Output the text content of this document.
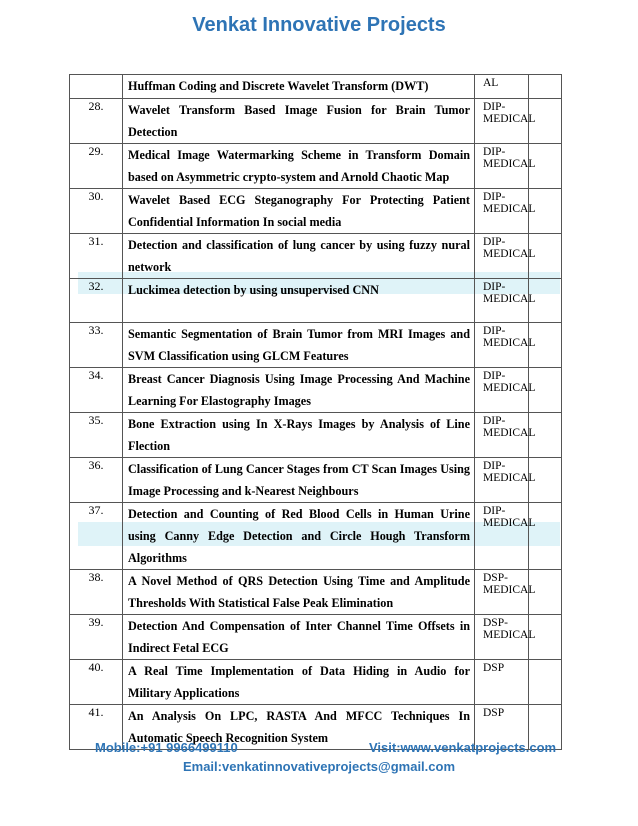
Venkat Innovative Projects
	Huffman Coding and Discrete Wavelet Transform (DWT)	AL	
28.	Wavelet Transform Based Image Fusion for Brain Tumor Detection	DIP-MEDICAL	
29.	Medical Image Watermarking Scheme in Transform Domain based on Asymmetric crypto-system and Arnold Chaotic Map	DIP-MEDICAL	
30.	Wavelet Based ECG Steganography For Protecting Patient Confidential Information In social media	DIP-MEDICAL	
31.	Detection and classification of lung cancer by using fuzzy nural network	DIP-MEDICAL	
32.	Luckimea detection by using unsupervised CNN	DIP-MEDICAL	
33.	Semantic Segmentation of Brain Tumor from MRI Images and SVM Classification using GLCM Features	DIP-MEDICAL	
34.	Breast Cancer Diagnosis Using Image Processing And Machine Learning For Elastography Images	DIP-MEDICAL	
35.	Bone Extraction using In X-Rays Images by Analysis of Line Flection	DIP-MEDICAL	
36.	Classification of Lung Cancer Stages from CT Scan Images Using Image Processing and k-Nearest Neighbours	DIP-MEDICAL	
37.	Detection and Counting of Red Blood Cells in Human Urine using Canny Edge Detection and Circle Hough Transform Algorithms	DIP-MEDICAL	
38.	A Novel Method of QRS Detection Using Time and Amplitude Thresholds With Statistical False Peak Elimination	DSP-MEDICAL	
39.	Detection And Compensation of Inter Channel Time Offsets in Indirect Fetal ECG	DSP-MEDICAL	
40.	A Real Time Implementation of Data Hiding in Audio for Military Applications	DSP	
41.	An Analysis On LPC, RASTA And MFCC Techniques In Automatic Speech Recognition System	DSP	
Mobile:+91 9966499110	Visit:www.venkatprojects.com
Email:venkatinnovativeprojects@gmail.com
